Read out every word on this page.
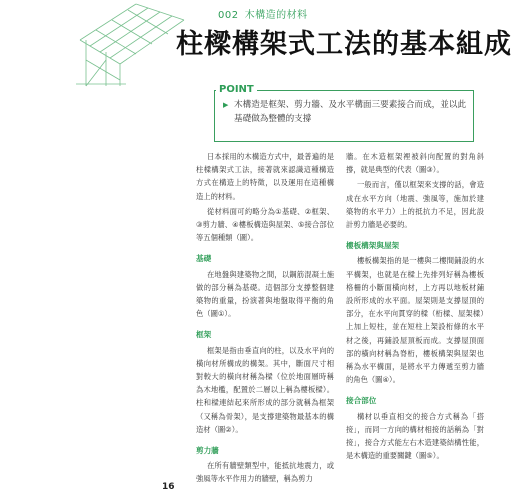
002 木構造的材料
柱樑構架式工法的基本組成
POINT
▶ 木構造是框架、剪力牆、及水平構面三要素接合而成，並以此基礎做為整體的支撐

日本採用的木構造方式中，最普遍的是柱樑構架式工法，接著就來認識這種構造方式在構造上的特徵，以及運用在這種構造上的材料。

從材料面可約略分為①基礎、②框架、③剪力牆、④樓板構造與屋架、⑤接合部位等五個種類（圖）。

基礎

在地盤與建築物之間，以鋼筋混凝土施做的部分稱為基礎。這個部分支撐整個建築物的重量，扮演著與地盤取得平衡的角色（圖①）。

框架

框架是指由垂直向的柱，以及水平向的橫向材所構成的構架。其中，斷面尺寸相對較大的橫向材稱為樑（位於地面層時稱為木地檻，配置於二層以上稱為樓板樑）。柱和樑連結起來所形成的部分就稱為框架（又稱為骨架），是支撐建築物最基本的構造材（圖②）。

剪力牆

在所有牆壁類型中，能抵抗地震力，或強風等水平作用力的牆壁，稱為剪力

牆。在木造框架裡被斜向配置的對角斜撐，就是典型的代表（圖③）。

一般而言，僅以框架來支撐的話，會造成在水平方向（地震、強風等，施加於建築物的水平力）上的抵抗力不足，因此設計剪力牆是必要的。

樓板構架與屋架

樓板構架指的是一樓與二樓間鋪設的水平構架，也就是在樑上先排列好稱為樓板格柵的小斷面橫向材，上方再以地板材鋪設所形成的水平面。屋架則是支撐屋頂的部分，在水平向貫穿的樑（桁樑、屋架樑）上加上短柱，並在短柱上架設桁條的水平材之後，再鋪設屋頂板而成。支撐屋頂面部的橫向材稱為脊桁，樓板構架與屋架也稱為水平構面，是將水平力傳遞至剪力牆的角色（圖④）。

接合部位

構材以垂直相交的接合方式稱為「搭接」，而同一方向的構材相接的話稱為「對接」，接合方式能左右木造建築結構性能，是木構造的重要關鍵（圖⑤）。

16
